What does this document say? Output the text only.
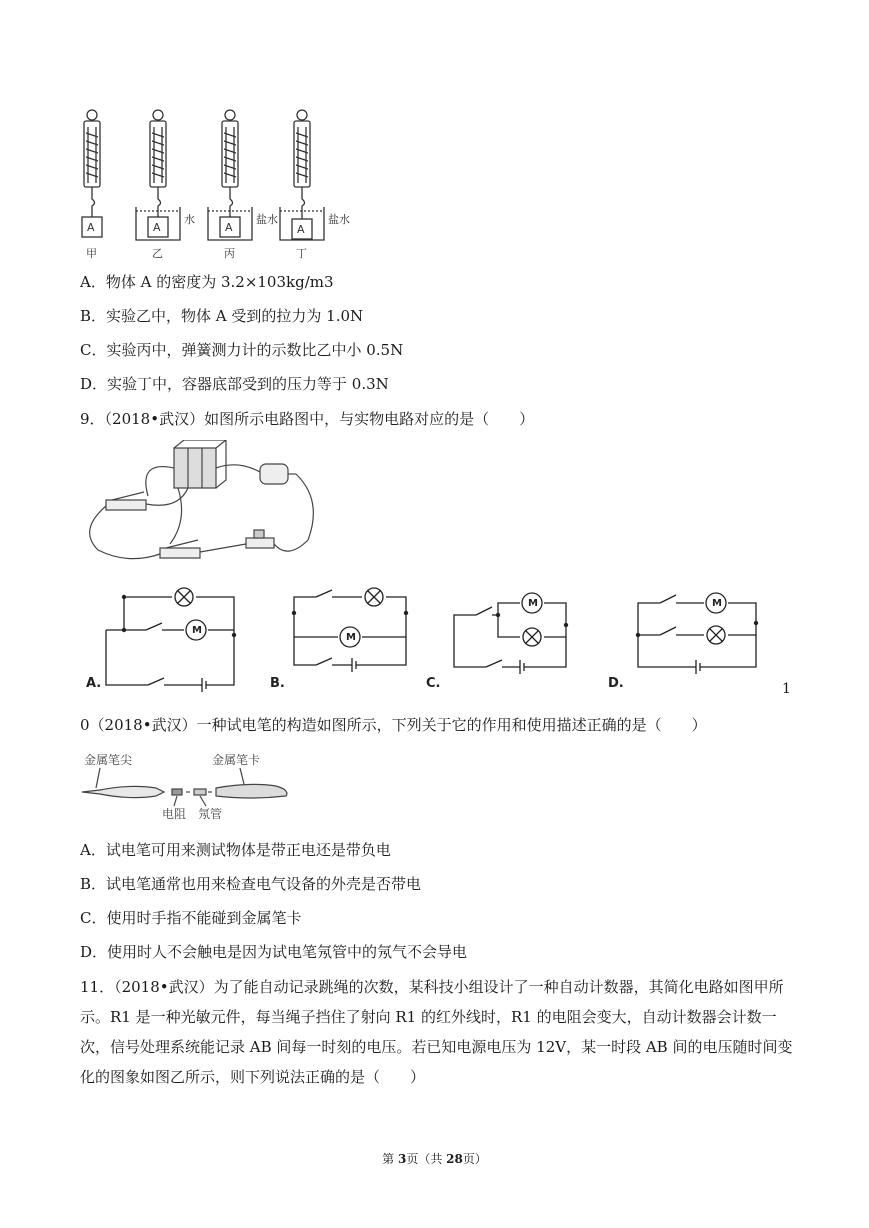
A	A	A	A
水	盐水	盐水
甲	乙	丙	丁
A．物体 A 的密度为 3.2×103kg/m3
B．实验乙中，物体 A 受到的拉力为 1.0N
C．实验丙中，弹簧测力计的示数比乙中小 0.5N
D．实验丁中，容器底部受到的压力等于 0.3N
9．（2018•武汉）如图所示电路图中，与实物电路对应的是（　　）
M
M
M	M
A.	B.	C.	D.	1
0（2018•武汉）一种试电笔的构造如图所示，下列关于它的作用和使用描述正确的是（　　）
金属笔尖	金属笔卡
电阻 氖管
A．试电笔可用来测试物体是带正电还是带负电
B．试电笔通常也用来检查电气设备的外壳是否带电
C．使用时手指不能碰到金属笔卡
D．使用时人不会触电是因为试电笔氖管中的氖气不会导电
11．（2018•武汉）为了能自动记录跳绳的次数，某科技小组设计了一种自动计数器，其简化电路如图甲所示。R1 是一种光敏元件，每当绳子挡住了射向 R1 的红外线时，R1 的电阻会变大，自动计数器会计数一次，信号处理系统能记录 AB 间每一时刻的电压。若已知电源电压为 12V，某一时段 AB 间的电压随时间变化的图象如图乙所示，则下列说法正确的是（　　）
第 3页（共 28页）
